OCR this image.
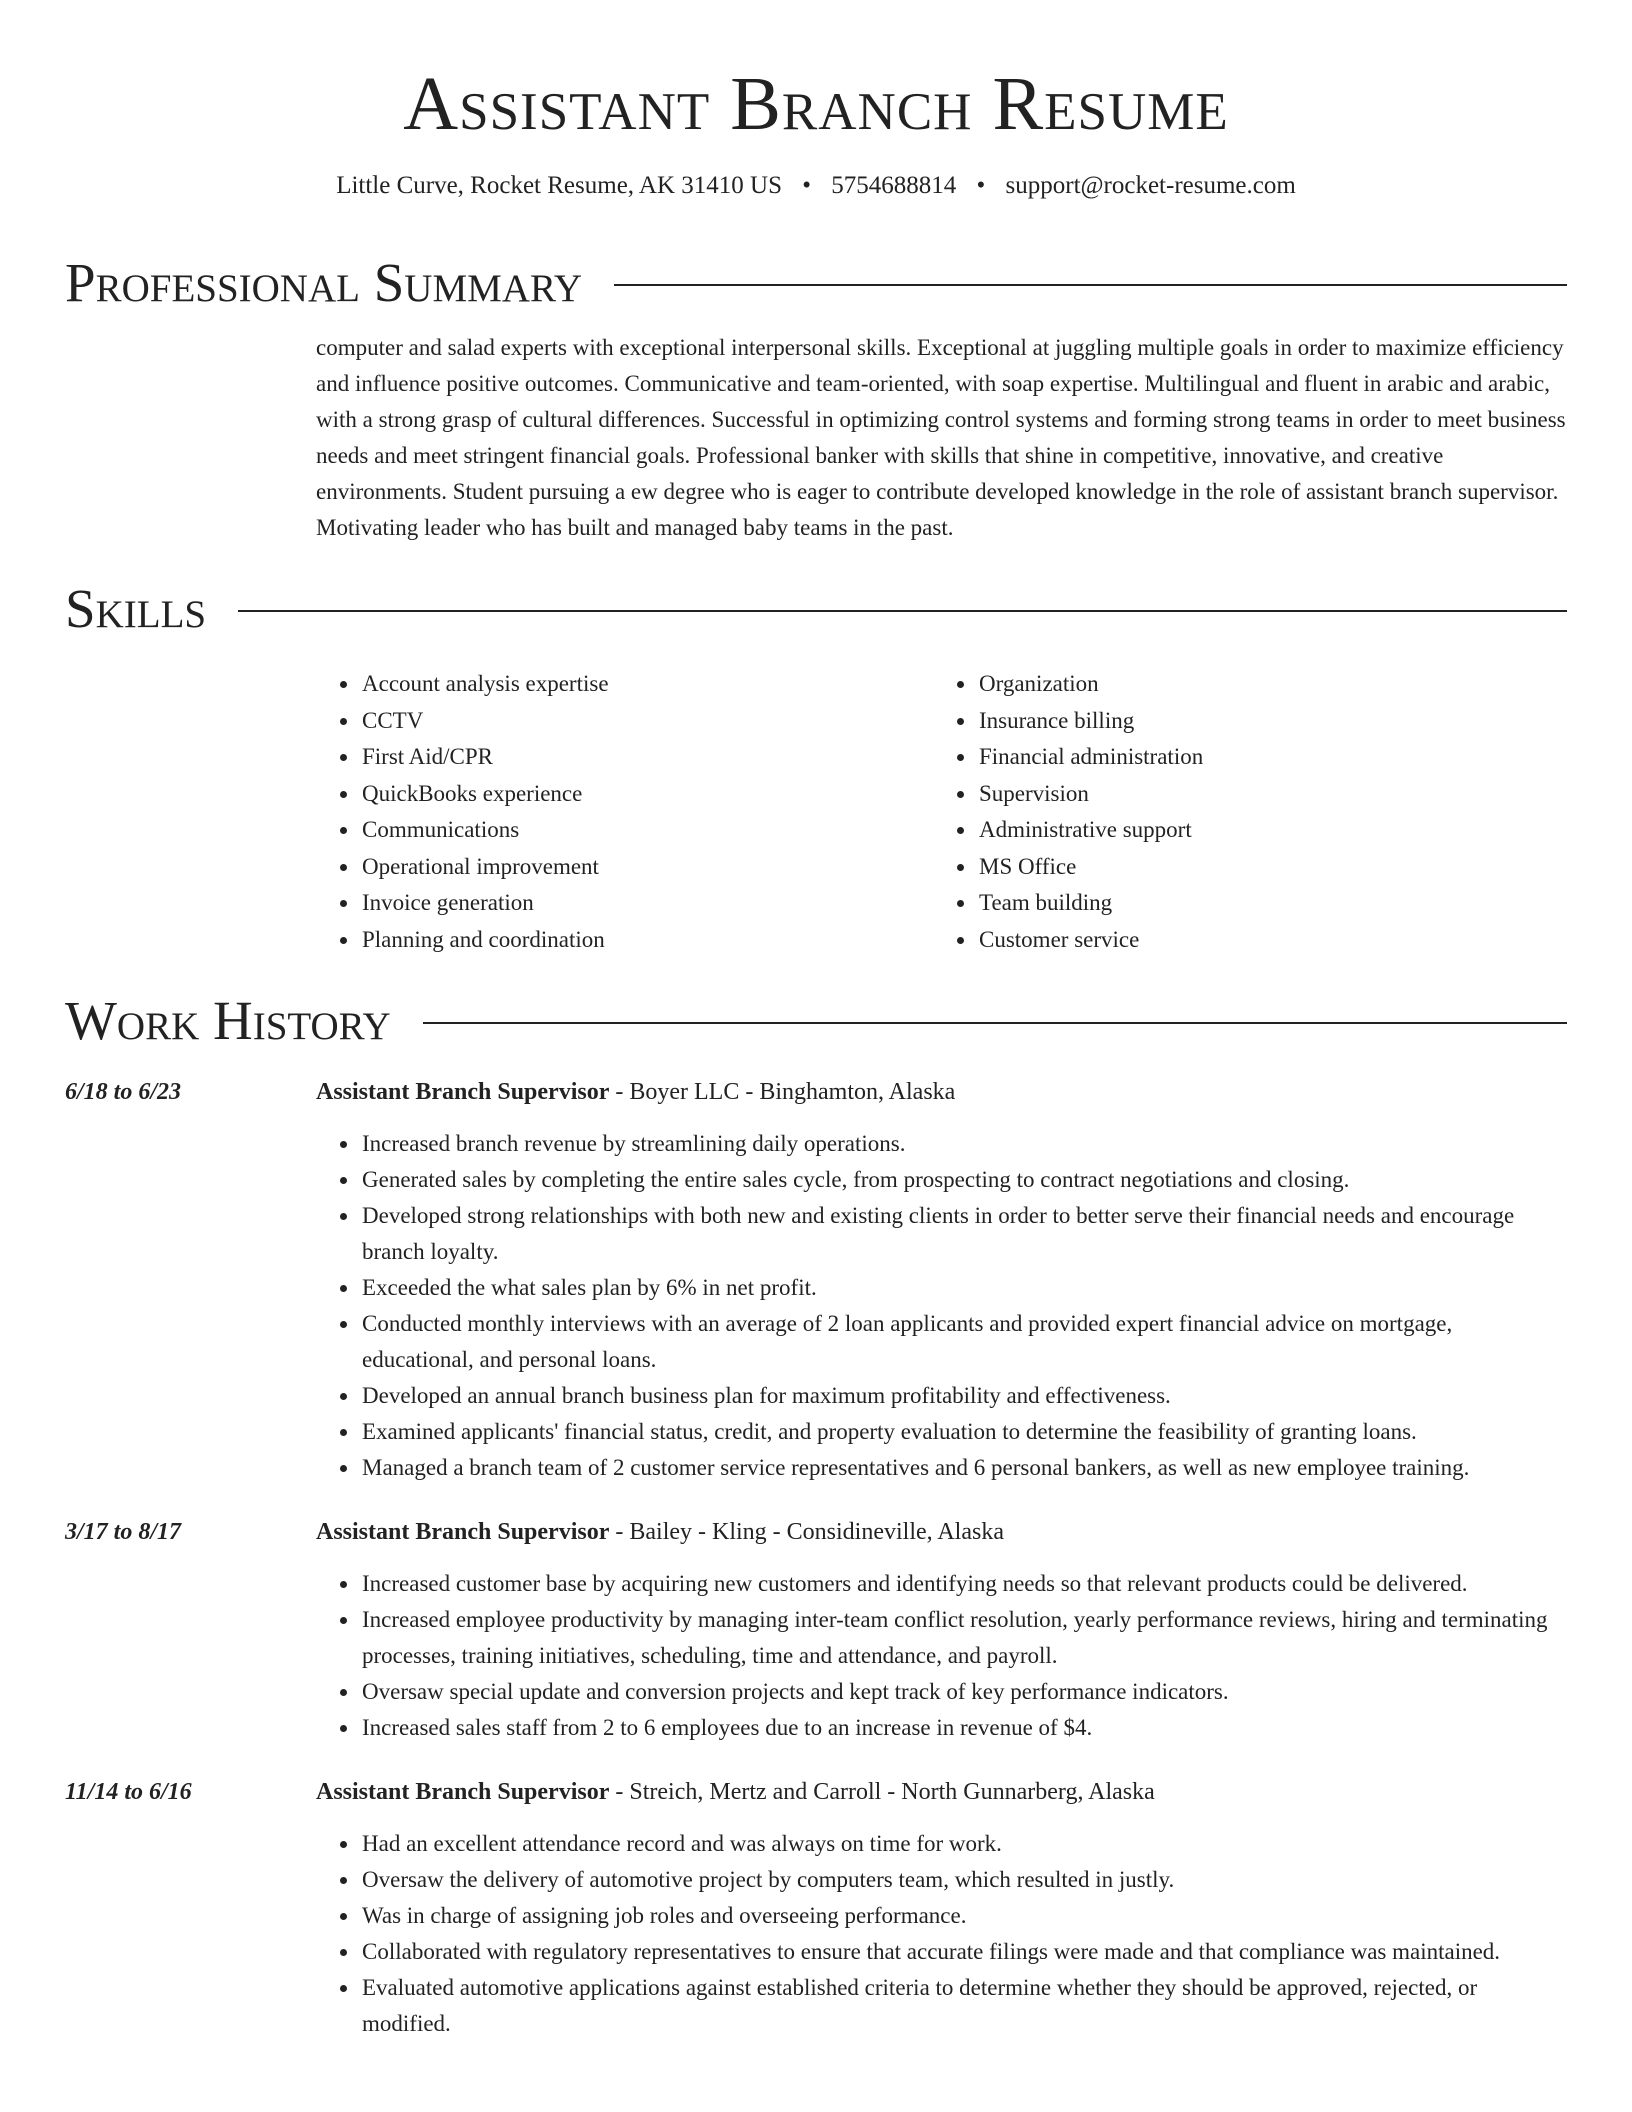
Assistant Branch Resume
Little Curve, Rocket Resume, AK 31410 US • 5754688814 • support@rocket-resume.com
Professional Summary
computer and salad experts with exceptional interpersonal skills. Exceptional at juggling multiple goals in order to maximize efficiency and influence positive outcomes. Communicative and team-oriented, with soap expertise. Multilingual and fluent in arabic and arabic, with a strong grasp of cultural differences. Successful in optimizing control systems and forming strong teams in order to meet business needs and meet stringent financial goals. Professional banker with skills that shine in competitive, innovative, and creative environments. Student pursuing a ew degree who is eager to contribute developed knowledge in the role of assistant branch supervisor. Motivating leader who has built and managed baby teams in the past.
Skills
• Account analysis expertise
• CCTV
• First Aid/CPR
• QuickBooks experience
• Communications
• Operational improvement
• Invoice generation
• Planning and coordination
• Organization
• Insurance billing
• Financial administration
• Supervision
• Administrative support
• MS Office
• Team building
• Customer service
Work History
6/18 to 6/23	Assistant Branch Supervisor - Boyer LLC - Binghamton, Alaska
• Increased branch revenue by streamlining daily operations.
• Generated sales by completing the entire sales cycle, from prospecting to contract negotiations and closing.
• Developed strong relationships with both new and existing clients in order to better serve their financial needs and encourage branch loyalty.
• Exceeded the what sales plan by 6% in net profit.
• Conducted monthly interviews with an average of 2 loan applicants and provided expert financial advice on mortgage, educational, and personal loans.
• Developed an annual branch business plan for maximum profitability and effectiveness.
• Examined applicants' financial status, credit, and property evaluation to determine the feasibility of granting loans.
• Managed a branch team of 2 customer service representatives and 6 personal bankers, as well as new employee training.
3/17 to 8/17	Assistant Branch Supervisor - Bailey - Kling - Considineville, Alaska
• Increased customer base by acquiring new customers and identifying needs so that relevant products could be delivered.
• Increased employee productivity by managing inter-team conflict resolution, yearly performance reviews, hiring and terminating processes, training initiatives, scheduling, time and attendance, and payroll.
• Oversaw special update and conversion projects and kept track of key performance indicators.
• Increased sales staff from 2 to 6 employees due to an increase in revenue of $4.
11/14 to 6/16	Assistant Branch Supervisor - Streich, Mertz and Carroll - North Gunnarberg, Alaska
• Had an excellent attendance record and was always on time for work.
• Oversaw the delivery of automotive project by computers team, which resulted in justly.
• Was in charge of assigning job roles and overseeing performance.
• Collaborated with regulatory representatives to ensure that accurate filings were made and that compliance was maintained.
• Evaluated automotive applications against established criteria to determine whether they should be approved, rejected, or modified.
